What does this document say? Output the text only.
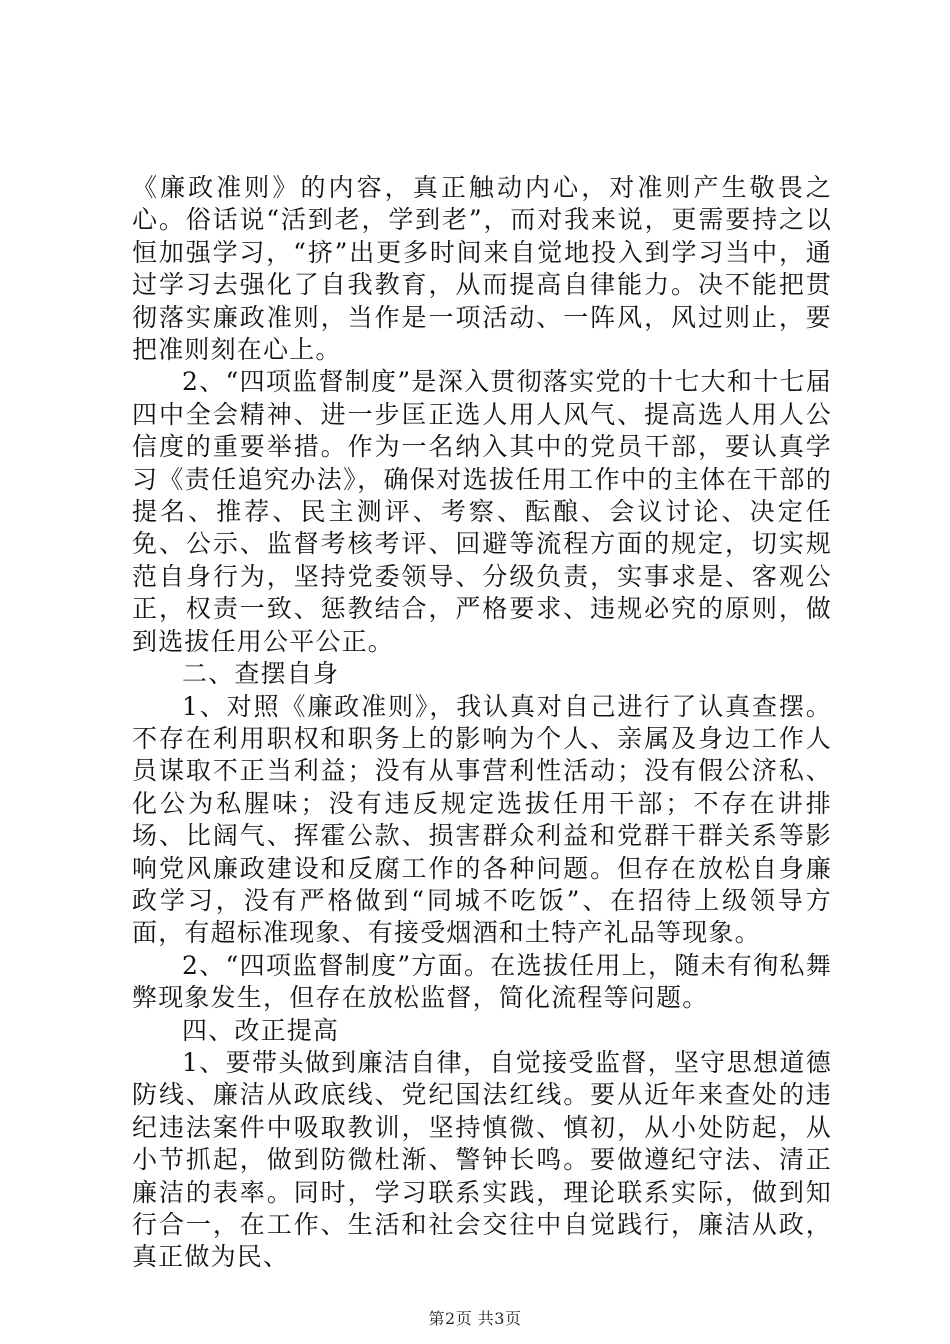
《廉政准则》的内容，真正触动内心，对准则产生敬畏之心。俗话说“活到老，学到老”，而对我来说，更需要持之以恒加强学习，“挤”出更多时间来自觉地投入到学习当中，通过学习去强化了自我教育，从而提高自律能力。决不能把贯彻落实廉政准则，当作是一项活动、一阵风，风过则止，要把准则刻在心上。

2、“四项监督制度”是深入贯彻落实党的十七大和十七届四中全会精神、进一步匡正选人用人风气、提高选人用人公信度的重要举措。作为一名纳入其中的党员干部，要认真学习《责任追究办法》，确保对选拔任用工作中的主体在干部的提名、推荐、民主测评、考察、酝酿、会议讨论、决定任免、公示、监督考核考评、回避等流程方面的规定，切实规范自身行为，坚持党委领导、分级负责，实事求是、客观公正，权责一致、惩教结合，严格要求、违规必究的原则，做到选拔任用公平公正。

二、查摆自身

1、对照《廉政准则》，我认真对自己进行了认真查摆。不存在利用职权和职务上的影响为个人、亲属及身边工作人员谋取不正当利益；没有从事营利性活动；没有假公济私、化公为私腥味；没有违反规定选拔任用干部；不存在讲排场、比阔气、挥霍公款、损害群众利益和党群干群关系等影响党风廉政建设和反腐工作的各种问题。但存在放松自身廉政学习，没有严格做到“同城不吃饭”、在招待上级领导方面，有超标准现象、有接受烟酒和土特产礼品等现象。

2、“四项监督制度”方面。在选拔任用上，随未有徇私舞弊现象发生，但存在放松监督，简化流程等问题。

四、改正提高

1、要带头做到廉洁自律，自觉接受监督，坚守思想道德防线、廉洁从政底线、党纪国法红线。要从近年来查处的违纪违法案件中吸取教训，坚持慎微、慎初，从小处防起，从小节抓起，做到防微杜渐、警钟长鸣。要做遵纪守法、清正廉洁的表率。同时，学习联系实践，理论联系实际，做到知行合一，在工作、生活和社会交往中自觉践行，廉洁从政，真正做为民、

第2页 共3页
